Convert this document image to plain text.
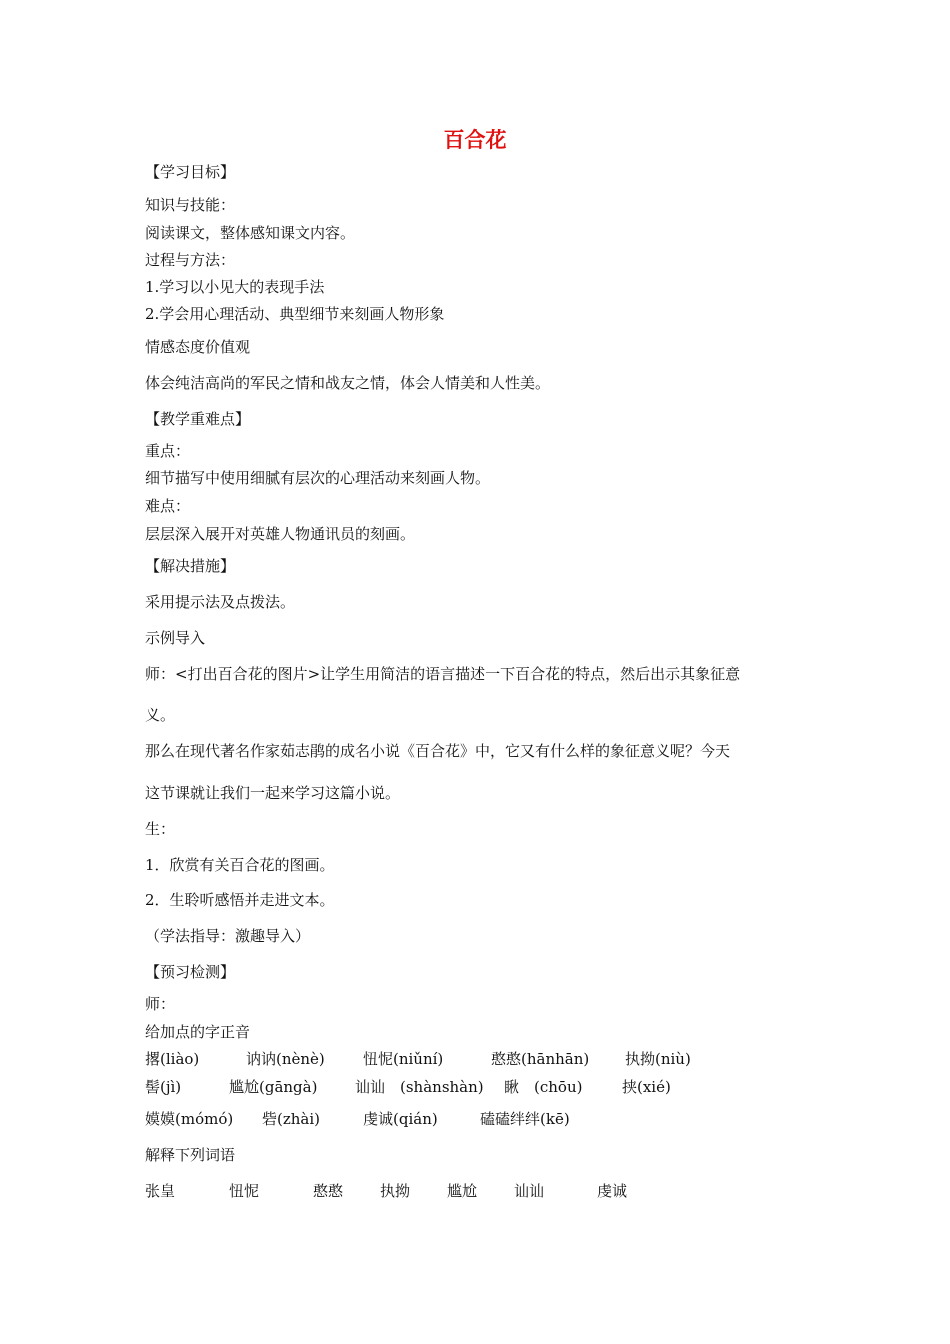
百合花
【学习目标】
知识与技能：
阅读课文，整体感知课文内容。
过程与方法：
1.学习以小见大的表现手法
2.学会用心理活动、典型细节来刻画人物形象
情感态度价值观
体会纯洁高尚的军民之情和战友之情，体会人情美和人性美。
【教学重难点】
重点：
细节描写中使用细腻有层次的心理活动来刻画人物。
难点：
层层深入展开对英雄人物通讯员的刻画。
【解决措施】
采用提示法及点拨法。
示例导入
师：<打出百合花的图片>让学生用简洁的语言描述一下百合花的特点，然后出示其象征意
义。
那么在现代著名作家茹志鹃的成名小说《百合花》中，它又有什么样的象征意义呢？今天
这节课就让我们一起来学习这篇小说。
生：
1．欣赏有关百合花的图画。
2．生聆听感悟并走进文本。
（学法指导：激趣导入）
【预习检测】
师：
给加点的字正音
撂(liào)	讷讷(nènè)	忸怩(niǔní)	憨憨(hānhān) 执拗(niù)
髻(jì)	尴尬(gāngà)	讪讪　(shànshàn) 瞅　(chōu)	挟(xié)
嫫嫫(mómó) 砦(zhài)	虔诚(qián)	磕磕绊绊(kē)
解释下列词语
张皇	忸怩	憨憨 执拗 尴尬 讪讪	虔诚
